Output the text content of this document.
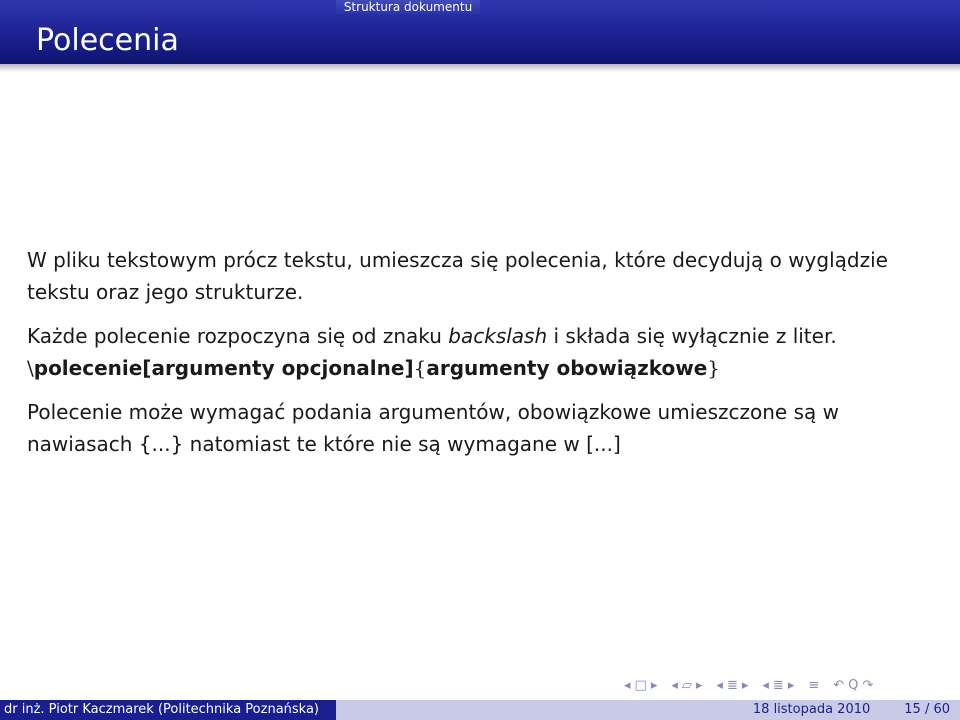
Polecenia
Struktura dokumentu

W pliku tekstowym prócz tekstu, umieszcza się polecenia, które decydują o wyglądzie tekstu oraz jego strukturze.

Każde polecenie rozpoczyna się od znaku backslash i składa się wyłącznie z liter.

\polecenie[argumenty opcjonalne]{argumenty obowiązkowe}

Polecenie może wymagać podania argumentów, obowiązkowe umieszczone są w nawiasach {...} natomiast te które nie są wymagane w [...]

◂ □ ▸ ◂ ▱ ▸ ◂ ≣ ▸ ◂ ≣ ▸ ≡ ↶ Q ↷
dr inż. Piotr Kaczmarek (Politechnika Poznańska)	18 listopada 2010	15 / 60
